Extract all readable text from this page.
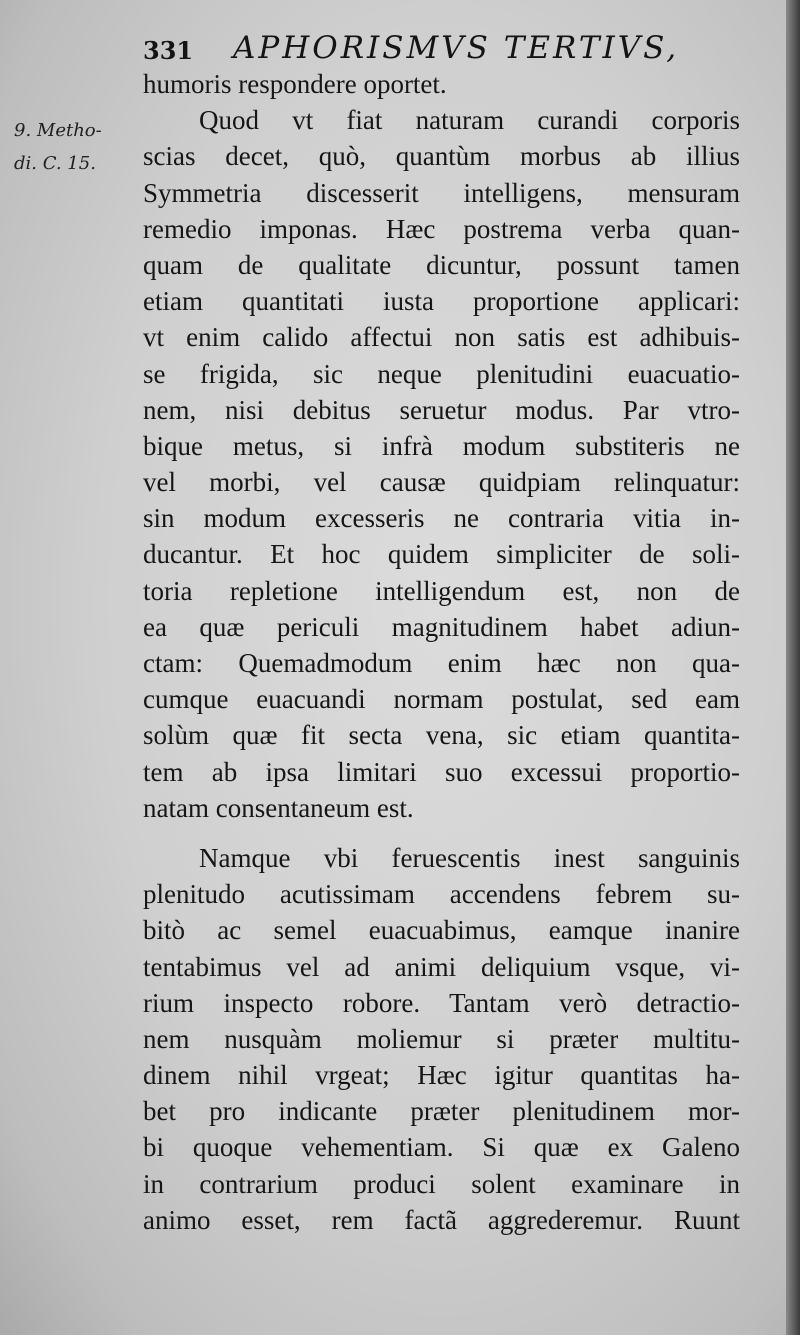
331 APHORISMVS TERTIVS,
9. Metho-
di. C. 15.
humoris respondere oportet.
Quod vt fiat naturam curandi corporis
scias decet, quò, quantùm morbus ab illius
Symmetria discesserit intelligens, mensuram
remedio imponas. Hæc postrema verba quan-
quam de qualitate dicuntur, possunt tamen
etiam quantitati iusta proportione applicari:
vt enim calido affectui non satis est adhibuis-
se frigida, sic neque plenitudini euacuatio-
nem, nisi debitus seruetur modus. Par vtro-
bique metus, si infrà modum substiteris ne
vel morbi, vel causæ quidpiam relinquatur:
sin modum excesseris ne contraria vitia in-
ducantur. Et hoc quidem simpliciter de soli-
toria repletione intelligendum est, non de
ea quæ periculi magnitudinem habet adiun-
ctam: Quemadmodum enim hæc non qua-
cumque euacuandi normam postulat, sed eam
solùm quæ fit secta vena, sic etiam quantita-
tem ab ipsa limitari suo excessui proportio-
natam consentaneum est.
Namque vbi feruescentis inest sanguinis
plenitudo acutissimam accendens febrem su-
bitò ac semel euacuabimus, eamque inanire
tentabimus vel ad animi deliquium vsque, vi-
rium inspecto robore. Tantam verò detractio-
nem nusquàm moliemur si præter multitu-
dinem nihil vrgeat; Hæc igitur quantitas ha-
bet pro indicante præter plenitudinem mor-
bi quoque vehementiam. Si quæ ex Galeno
in contrarium produci solent examinare in
animo esset, rem factã aggrederemur. Ruunt
